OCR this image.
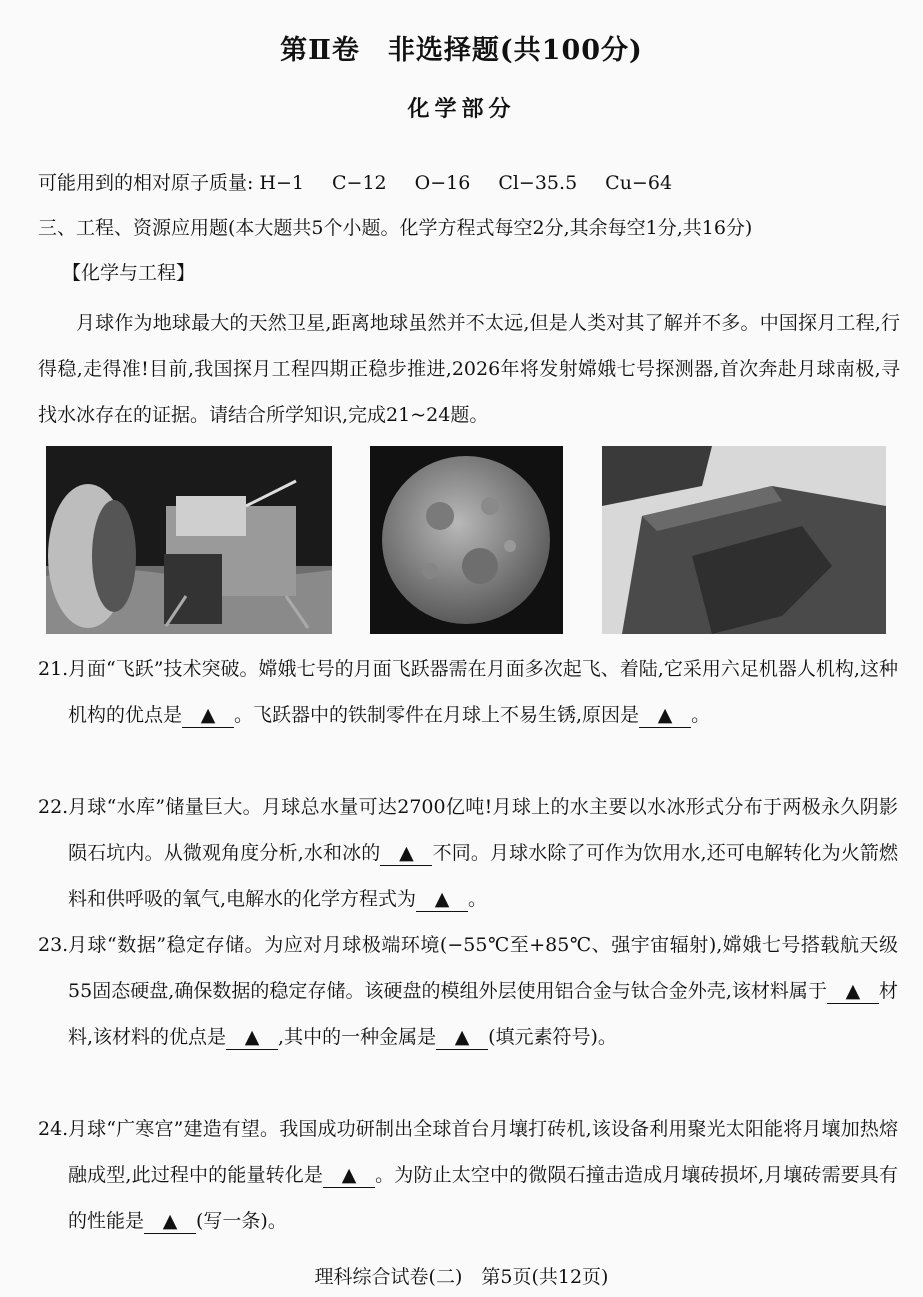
第Ⅱ卷　非选择题(共100分)
化学部分
可能用到的相对原子质量: H−1 C−12 O−16 Cl−35.5 Cu−64
三、工程、资源应用题(本大题共5个小题。化学方程式每空2分,其余每空1分,共16分)
【化学与工程】
月球作为地球最大的天然卫星,距离地球虽然并不太远,但是人类对其了解并不多。中国探月工程,行得稳,走得准!目前,我国探月工程四期正稳步推进,2026年将发射嫦娥七号探测器,首次奔赴月球南极,寻找水冰存在的证据。请结合所学知识,完成21~24题。
21. 月面“飞跃”技术突破。嫦娥七号的月面飞跃器需在月面多次起飞、着陆,它采用六足机器人机构,这种机构的优点是 ▲ 。飞跃器中的铁制零件在月球上不易生锈,原因是 ▲ 。
22. 月球“水库”储量巨大。月球总水量可达2700亿吨!月球上的水主要以水冰形式分布于两极永久阴影陨石坑内。从微观角度分析,水和冰的 ▲ 不同。月球水除了可作为饮用水,还可电解转化为火箭燃料和供呼吸的氧气,电解水的化学方程式为 ▲ 。
23. 月球“数据”稳定存储。为应对月球极端环境(−55℃至+85℃、强宇宙辐射),嫦娥七号搭载航天级55固态硬盘,确保数据的稳定存储。该硬盘的模组外层使用铝合金与钛合金外壳,该材料属于 ▲ 材料,该材料的优点是 ▲ ,其中的一种金属是 ▲ (填元素符号)。
24. 月球“广寒宫”建造有望。我国成功研制出全球首台月壤打砖机,该设备利用聚光太阳能将月壤加热熔融成型,此过程中的能量转化是 ▲ 。为防止太空中的微陨石撞击造成月壤砖损坏,月壤砖需要具有的性能是 ▲ (写一条)。
理科综合试卷(二)　第5页(共12页)
